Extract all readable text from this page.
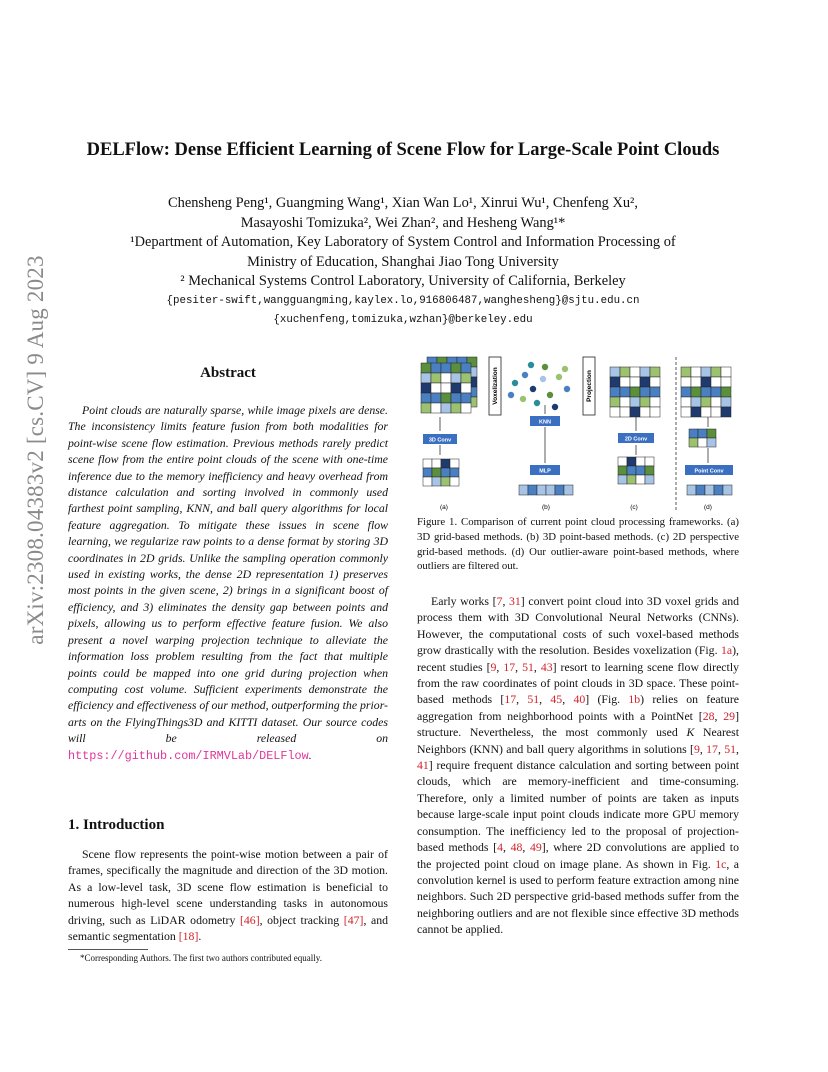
arXiv:2308.04383v2 [cs.CV] 9 Aug 2023
DELFlow: Dense Efficient Learning of Scene Flow for Large-Scale Point Clouds

Chensheng Peng¹, Guangming Wang¹, Xian Wan Lo¹, Xinrui Wu¹, Chenfeng Xu²,

Masayoshi Tomizuka², Wei Zhan², and Hesheng Wang¹*

¹Department of Automation, Key Laboratory of System Control and Information Processing of

Ministry of Education, Shanghai Jiao Tong University

² Mechanical Systems Control Laboratory, University of California, Berkeley

{pesiter-swift,wangguangming,kaylex.lo,916806487,wanghesheng}@sjtu.edu.cn

{xuchenfeng,tomizuka,wzhan}@berkeley.edu

Abstract

Point clouds are naturally sparse, while image pixels are dense. The inconsistency limits feature fusion from both modalities for point-wise scene flow estimation. Previous methods rarely predict scene flow from the entire point clouds of the scene with one-time inference due to the memory inefficiency and heavy overhead from distance calculation and sorting involved in commonly used farthest point sampling, KNN, and ball query algorithms for local feature aggregation. To mitigate these issues in scene flow learning, we regularize raw points to a dense format by storing 3D coordinates in 2D grids. Unlike the sampling operation commonly used in existing works, the dense 2D representation 1) preserves most points in the given scene, 2) brings in a significant boost of efficiency, and 3) eliminates the density gap between points and pixels, allowing us to perform effective feature fusion. We also present a novel warping projection technique to alleviate the information loss problem resulting from the fact that multiple points could be mapped into one grid during projection when computing cost volume. Sufficient experiments demonstrate the efficiency and effectiveness of our method, outperforming the prior-arts on the FlyingThings3D and KITTI dataset. Our source codes will be released on https://github.com/IRMVLab/DELFlow.

1. Introduction

Scene flow represents the point-wise motion between a pair of frames, specifically the magnitude and direction of the 3D motion. As a low-level task, 3D scene flow estimation is beneficial to numerous high-level scene understanding tasks in autonomous driving, such as LiDAR odometry [46], object tracking [47], and semantic segmentation [18].

*Corresponding Authors. The first two authors contributed equally.

Voxelization	Projection
3D Conv
KNN
MLP
2D Conv
Point Conv
(a)	(b)	(c)	(d)

Figure 1. Comparison of current point cloud processing frameworks. (a) 3D grid-based methods. (b) 3D point-based methods. (c) 2D perspective grid-based methods. (d) Our outlier-aware point-based methods, where outliers are filtered out.

Early works [7, 31] convert point cloud into 3D voxel grids and process them with 3D Convolutional Neural Networks (CNNs). However, the computational costs of such voxel-based methods grow drastically with the resolution. Besides voxelization (Fig. 1a), recent studies [9, 17, 51, 43] resort to learning scene flow directly from the raw coordinates of point clouds in 3D space. These point-based methods [17, 51, 45, 40] (Fig. 1b) relies on feature aggregation from neighborhood points with a PointNet [28, 29] structure. Nevertheless, the most commonly used K Nearest Neighbors (KNN) and ball query algorithms in solutions [9, 17, 51, 41] require frequent distance calculation and sorting between point clouds, which are memory-inefficient and time-consuming. Therefore, only a limited number of points are taken as inputs because large-scale input point clouds indicate more GPU memory consumption. The inefficiency led to the proposal of projection-based methods [4, 48, 49], where 2D convolutions are applied to the projected point cloud on image plane. As shown in Fig. 1c, a convolution kernel is used to perform feature extraction among nine neighbors. Such 2D perspective grid-based methods suffer from the neighboring outliers and are not flexible since effective 3D methods cannot be applied.
